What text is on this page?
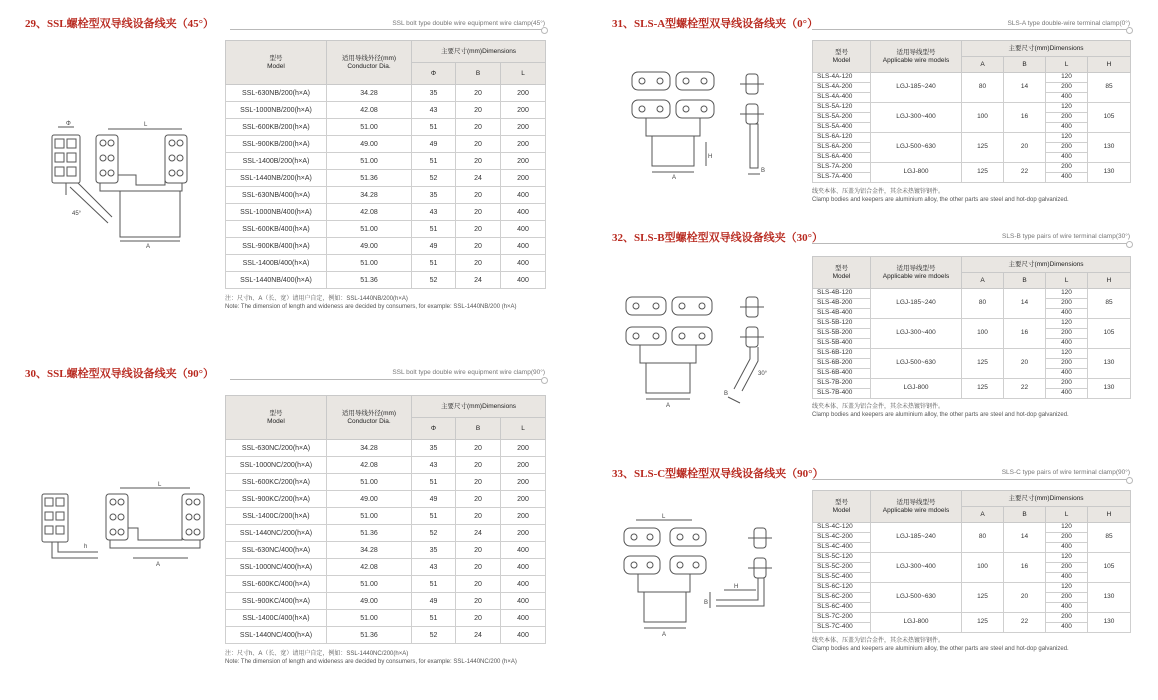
29、SSL螺栓型双导线设备线夹（45°）	SSL bolt type double wire equipment wire clamp(45°)
Φ	L
A
45°
型号
Model	适用导线外径(mm)
Conductor Dia.	主要尺寸(mm)Dimensions		
		Φ	B	L
SSL-630NB/200(h×A)	34.28	35	20	200
SSL-1000NB/200(h×A)	42.08	43	20	200
SSL-600KB/200(h×A)	51.00	51	20	200
SSL-900KB/200(h×A)	49.00	49	20	200
SSL-1400B/200(h×A)	51.00	51	20	200
SSL-1440NB/200(h×A)	51.36	52	24	200
SSL-630NB/400(h×A)	34.28	35	20	400
SSL-1000NB/400(h×A)	42.08	43	20	400
SSL-600KB/400(h×A)	51.00	51	20	400
SSL-900KB/400(h×A)	49.00	49	20	400
SSL-1400B/400(h×A)	51.00	51	20	400
SSL-1440NB/400(h×A)	51.36	52	24	400
注：尺寸h、A（长、宽）请用户自定，例如：SSL-1440NB/200(h×A)
Note: The dimension of length and wideness are decided by consumers, for example: SSL-1440NB/200 (h×A)
30、SSL螺栓型双导线设备线夹（90°）	SSL bolt type double wire equipment wire clamp(90°)
L
A
h
型号
Model	适用导线外径(mm)
Conductor Dia.	主要尺寸(mm)Dimensions		
		Φ	B	L
SSL-630NC/200(h×A)	34.28	35	20	200
SSL-1000NC/200(h×A)	42.08	43	20	200
SSL-600KC/200(h×A)	51.00	51	20	200
SSL-900KC/200(h×A)	49.00	49	20	200
SSL-1400C/200(h×A)	51.00	51	20	200
SSL-1440NC/200(h×A)	51.36	52	24	200
SSL-630NC/400(h×A)	34.28	35	20	400
SSL-1000NC/400(h×A)	42.08	43	20	400
SSL-600KC/400(h×A)	51.00	51	20	400
SSL-900KC/400(h×A)	49.00	49	20	400
SSL-1400C/400(h×A)	51.00	51	20	400
SSL-1440NC/400(h×A)	51.36	52	24	400
注：尺寸h、A（长、宽）请用户自定，例如：SSL-1440NC/200(h×A)
Note: The dimension of length and wideness are decided by consumers, for example: SSL-1440NC/200 (h×A)
31、SLS-A型螺栓型双导线设备线夹（0°）	SLS-A type double-wire terminal clamp(0°)
A
H
B
型号
Model	适用导线型号
Applicable wire models	主要尺寸(mm)Dimensions			
		A	B	L	H
SLS-4A-120	LGJ-185~240	80	14	120	85
SLS-4A-200				200	
SLS-4A-400				400	
SLS-5A-120	LGJ-300~400	100	16	120	105
SLS-5A-200				200	
SLS-5A-400				400	
SLS-6A-120	LGJ-500~630	125	20	120	130
SLS-6A-200				200	
SLS-6A-400				400	
SLS-7A-200	LGJ-800	125	22	200	130
SLS-7A-400				400	
线夹本体、压盖为铝合金件，其余未热镀锌钢件。
Clamp bodies and keepers are aluminium alloy, the other parts are steel and hot-dop galvanized.
32、SLS-B型螺栓型双导线设备线夹（30°）	SLS-B type pairs of wire terminal clamp(30°)
A
B
30°
型号
Model	适用导线型号
Applicable wire mdoels	主要尺寸(mm)Dimensions			
		A	B	L	H
SLS-4B-120	LGJ-185~240	80	14	120	85
SLS-4B-200				200	
SLS-4B-400				400	
SLS-5B-120	LGJ-300~400	100	16	120	105
SLS-5B-200				200	
SLS-5B-400				400	
SLS-6B-120	LGJ-500~630	125	20	120	130
SLS-6B-200				200	
SLS-6B-400				400	
SLS-7B-200	LGJ-800	125	22	200	130
SLS-7B-400				400	
线夹本体、压盖为铝合金件，其余未热镀锌钢件。
Clamp bodies and keepers are aluminium alloy, the other parts are steel and hot-dop galvanized.
33、SLS-C型螺栓型双导线设备线夹（90°）	SLS-C type pairs of wire terminal clamp(90°)
L
H
A
B
型号
Model	适用导线型号
Applicable wire mdoels	主要尺寸(mm)Dimensions			
		A	B	L	H
SLS-4C-120	LGJ-185~240	80	14	120	85
SLS-4C-200				200	
SLS-4C-400				400	
SLS-5C-120	LGJ-300~400	100	16	120	105
SLS-5C-200				200	
SLS-5C-400				400	
SLS-6C-120	LGJ-500~630	125	20	120	130
SLS-6C-200				200	
SLS-6C-400				400	
SLS-7C-200	LGJ-800	125	22	200	130
SLS-7C-400				400	
线夹本体、压盖为铝合金件，其余未热镀锌钢件。
Clamp bodies and keepers are aluminium alloy, the other parts are steel and hot-dop galvanized.
